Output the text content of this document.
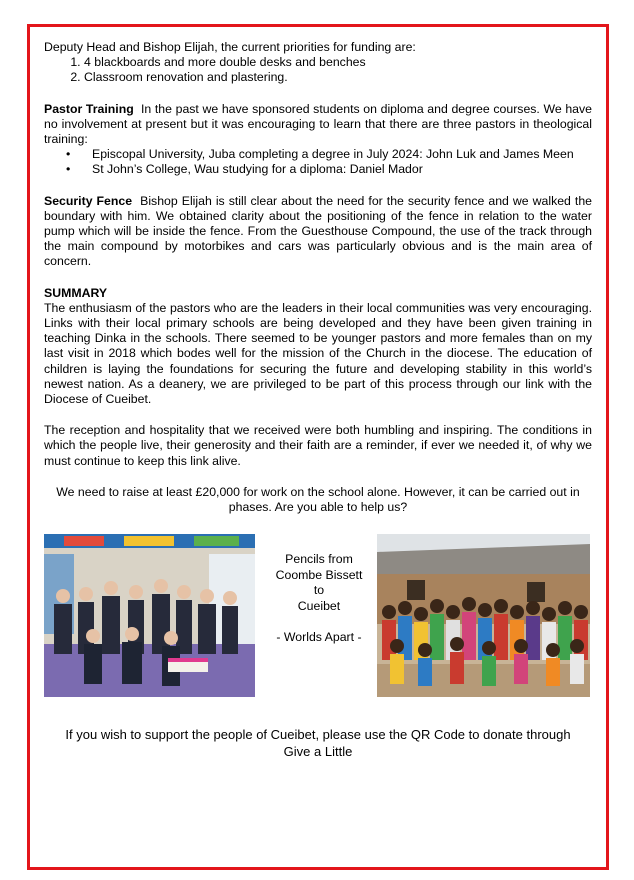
Deputy Head and Bishop Elijah, the current priorities for funding are:

1. 4 blackboards and more double desks and benches
2. Classroom renovation and plastering.

Pastor Training In the past we have sponsored students on diploma and degree courses. We have no involvement at present but it was encouraging to learn that there are three pastors in theological training:

• Episcopal University, Juba completing a degree in July 2024: John Luk and James Meen
• St John’s College, Wau studying for a diploma: Daniel Mador

Security Fence Bishop Elijah is still clear about the need for the security fence and we walked the boundary with him. We obtained clarity about the positioning of the fence in relation to the water pump which will be inside the fence. From the Guesthouse Compound, the use of the track through the main compound by motorbikes and cars was particularly obvious and is the main area of concern.

SUMMARY

The enthusiasm of the pastors who are the leaders in their local communities was very encouraging. Links with their local primary schools are being developed and they have been given training in teaching Dinka in the schools. There seemed to be younger pastors and more females than on my last visit in 2018 which bodes well for the mission of the Church in the diocese. The education of children is laying the foundations for securing the future and developing stability in this world’s newest nation. As a deanery, we are privileged to be part of this process through our link with the Diocese of Cueibet.

The reception and hospitality that we received were both humbling and inspiring. The conditions in which the people live, their generosity and their faith are a reminder, if ever we needed it, of why we must continue to keep this link alive.

We need to raise at least £20,000 for work on the school alone. However, it can be carried out in phases. Are you able to help us?

Pencils from
Coombe Bissett
to
Cueibet
- Worlds Apart -
If you wish to support the people of Cueibet, please use the QR Code to donate through
Give a Little
